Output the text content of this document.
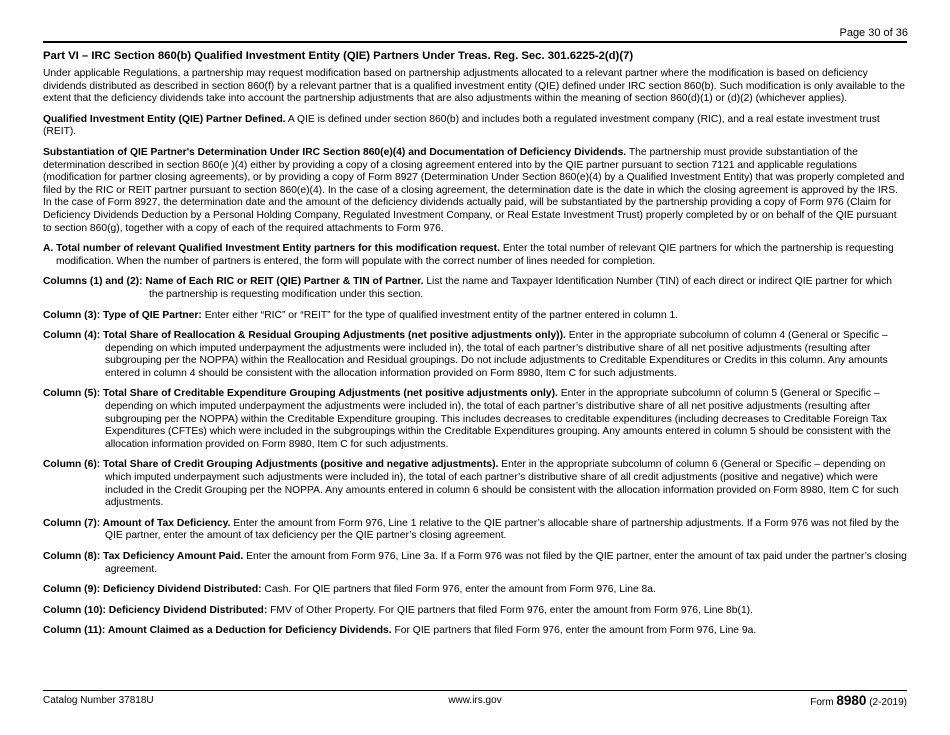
Page 30 of 36
Part VI – IRC Section 860(b) Qualified Investment Entity (QIE) Partners Under Treas. Reg. Sec. 301.6225-2(d)(7)

Under applicable Regulations, a partnership may request modification based on partnership adjustments allocated to a relevant partner where the modification is based on deficiency dividends distributed as described in section 860(f) by a relevant partner that is a qualified investment entity (QIE) defined under IRC section 860(b). Such modification is only available to the extent that the deficiency dividends take into account the partnership adjustments that are also adjustments within the meaning of section 860(d)(1) or (d)(2) (whichever applies).

Qualified Investment Entity (QIE) Partner Defined. A QIE is defined under section 860(b) and includes both a regulated investment company (RIC), and a real estate investment trust (REIT).

Substantiation of QIE Partner's Determination Under IRC Section 860(e)(4) and Documentation of Deficiency Dividends. The partnership must provide substantiation of the determination described in section 860(e )(4) either by providing a copy of a closing agreement entered into by the QIE partner pursuant to section 7121 and applicable regulations (modification for partner closing agreements), or by providing a copy of Form 8927 (Determination Under Section 860(e)(4) by a Qualified Investment Entity) that was properly completed and filed by the RIC or REIT partner pursuant to section 860(e)(4). In the case of a closing agreement, the determination date is the date in which the closing agreement is approved by the IRS. In the case of Form 8927, the determination date and the amount of the deficiency dividends actually paid, will be substantiated by the partnership providing a copy of Form 976 (Claim for Deficiency Dividends Deduction by a Personal Holding Company, Regulated Investment Company, or Real Estate Investment Trust) properly completed by or on behalf of the QIE pursuant to section 860(g), together with a copy of each of the required attachments to Form 976.

A. Total number of relevant Qualified Investment Entity partners for this modification request. Enter the total number of relevant QIE partners for which the partnership is requesting modification. When the number of partners is entered, the form will populate with the correct number of lines needed for completion.

Columns (1) and (2): Name of Each RIC or REIT (QIE) Partner & TIN of Partner. List the name and Taxpayer Identification Number (TIN) of each direct or indirect QIE partner for which the partnership is requesting modification under this section.

Column (3): Type of QIE Partner: Enter either “RIC” or “REIT” for the type of qualified investment entity of the partner entered in column 1.

Column (4): Total Share of Reallocation & Residual Grouping Adjustments (net positive adjustments only)). Enter in the appropriate subcolumn of column 4 (General or Specific – depending on which imputed underpayment the adjustments were included in), the total of each partner’s distributive share of all net positive adjustments (resulting after subgrouping per the NOPPA) within the Reallocation and Residual groupings. Do not include adjustments to Creditable Expenditures or Credits in this column. Any amounts entered in column 4 should be consistent with the allocation information provided on Form 8980, Item C for such adjustments.

Column (5): Total Share of Creditable Expenditure Grouping Adjustments (net positive adjustments only). Enter in the appropriate subcolumn of column 5 (General or Specific – depending on which imputed underpayment the adjustments were included in), the total of each partner’s distributive share of all net positive adjustments (resulting after subgrouping per the NOPPA) within the Creditable Expenditure grouping. This includes decreases to creditable expenditures (including decreases to Creditable Foreign Tax Expenditures (CFTEs) which were included in the subgroupings within the Creditable Expenditures grouping. Any amounts entered in column 5 should be consistent with the allocation information provided on Form 8980, Item C for such adjustments.

Column (6): Total Share of Credit Grouping Adjustments (positive and negative adjustments). Enter in the appropriate subcolumn of column 6 (General or Specific – depending on which imputed underpayment such adjustments were included in), the total of each partner’s distributive share of all credit adjustments (positive and negative) which were included in the Credit Grouping per the NOPPA. Any amounts entered in column 6 should be consistent with the allocation information provided on Form 8980, Item C for such adjustments.

Column (7): Amount of Tax Deficiency. Enter the amount from Form 976, Line 1 relative to the QIE partner’s allocable share of partnership adjustments. If a Form 976 was not filed by the QIE partner, enter the amount of tax deficiency per the QIE partner’s closing agreement.

Column (8): Tax Deficiency Amount Paid. Enter the amount from Form 976, Line 3a. If a Form 976 was not filed by the QIE partner, enter the amount of tax paid under the partner’s closing agreement.

Column (9): Deficiency Dividend Distributed: Cash. For QIE partners that filed Form 976, enter the amount from Form 976, Line 8a.

Column (10): Deficiency Dividend Distributed: FMV of Other Property. For QIE partners that filed Form 976, enter the amount from Form 976, Line 8b(1).

Column (11): Amount Claimed as a Deduction for Deficiency Dividends. For QIE partners that filed Form 976, enter the amount from Form 976, Line 9a.

Catalog Number 37818U	www.irs.gov	Form 8980 (2-2019)
